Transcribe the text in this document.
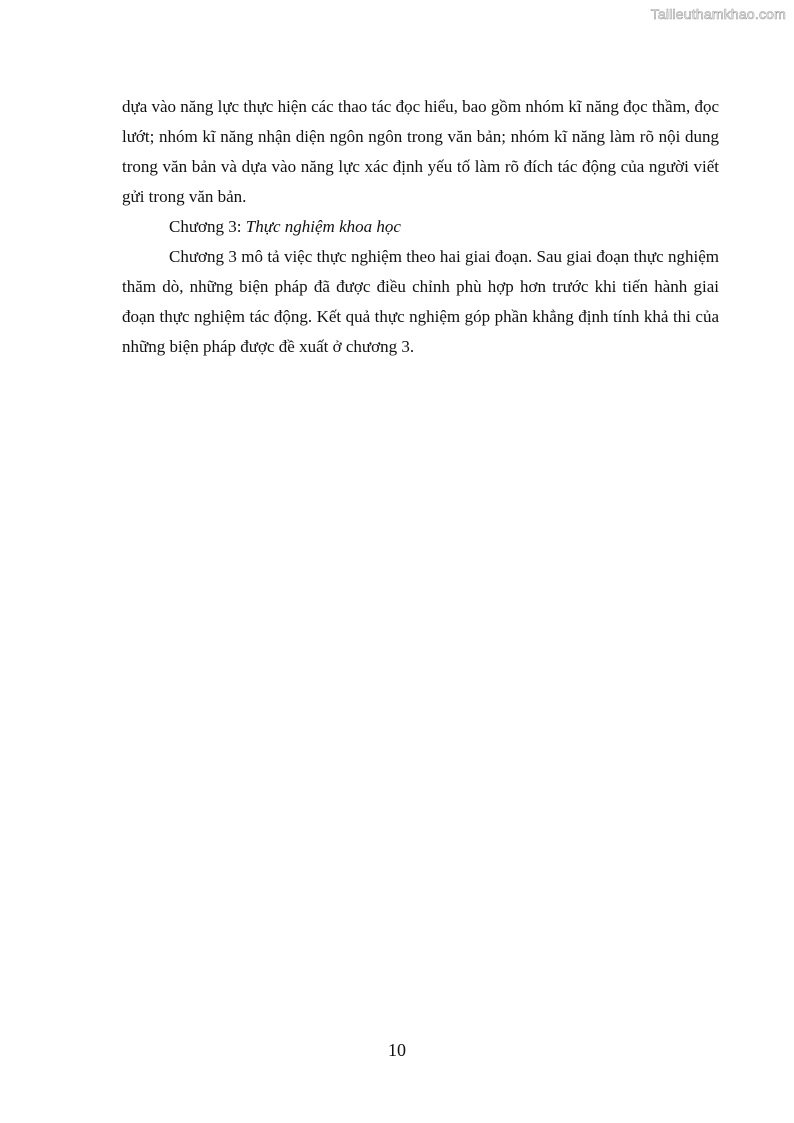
Tailieuthamkhao.com

dựa vào năng lực thực hiện các thao tác đọc hiểu, bao gồm nhóm kĩ năng đọc thầm, đọc lướt; nhóm kĩ năng nhận diện ngôn ngôn trong văn bản; nhóm kĩ năng làm rõ nội dung trong văn bản và dựa vào năng lực xác định yếu tố làm rõ đích tác động của người viết gửi trong văn bản.

Chương 3: Thực nghiệm khoa học

Chương 3 mô tả việc thực nghiệm theo hai giai đoạn. Sau giai đoạn thực nghiệm thăm dò, những biện pháp đã được điều chỉnh phù hợp hơn trước khi tiến hành giai đoạn thực nghiệm tác động. Kết quả thực nghiệm góp phần khẳng định tính khả thi của những biện pháp được đề xuất ở chương 3.

10
